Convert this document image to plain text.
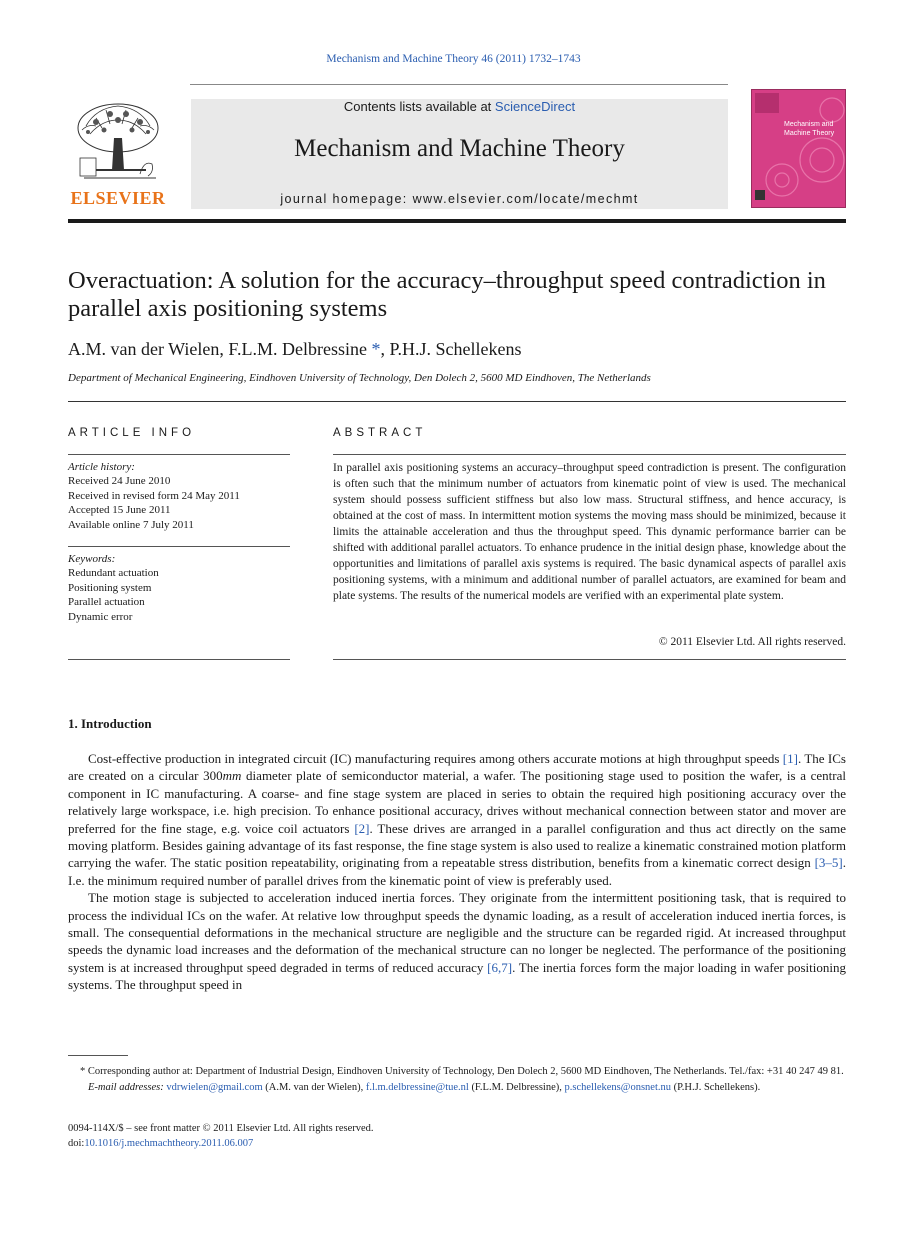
Mechanism and Machine Theory 46 (2011) 1732–1743
ELSEVIER
Contents lists available at ScienceDirect
Mechanism and Machine Theory
journal homepage: www.elsevier.com/locate/mechmt
Mechanism and Machine Theory
Overactuation: A solution for the accuracy–throughput speed contradiction in parallel axis positioning systems
A.M. van der Wielen, F.L.M. Delbressine *, P.H.J. Schellekens
Department of Mechanical Engineering, Eindhoven University of Technology, Den Dolech 2, 5600 MD Eindhoven, The Netherlands
ARTICLE INFO
Article history:
Received 24 June 2010
Received in revised form 24 May 2011
Accepted 15 June 2011
Available online 7 July 2011
Keywords:
Redundant actuation
Positioning system
Parallel actuation
Dynamic error
ABSTRACT
In parallel axis positioning systems an accuracy–throughput speed contradiction is present. The configuration is often such that the minimum number of actuators from kinematic point of view is used. The mechanical system should possess sufficient stiffness but also low mass. Structural stiffness, and hence accuracy, is obtained at the cost of mass. In intermittent motion systems the moving mass should be minimized, because it limits the attainable acceleration and thus the throughput speed. This dynamic performance barrier can be shifted with additional parallel actuators. To enhance prudence in the initial design phase, knowledge about the opportunities and limitations of parallel axis systems is required. The basic dynamical aspects of parallel axis positioning systems, with a minimum and additional number of parallel actuators, are examined for beam and plate systems. The results of the numerical models are verified with an experimental plate system.
© 2011 Elsevier Ltd. All rights reserved.
1. Introduction

Cost-effective production in integrated circuit (IC) manufacturing requires among others accurate motions at high throughput speeds [1]. The ICs are created on a circular 300mm diameter plate of semiconductor material, a wafer. The positioning stage used to position the wafer, is a central component in IC manufacturing. A coarse- and fine stage system are placed in series to obtain the required high positioning accuracy over the relatively large workspace, i.e. high precision. To enhance positional accuracy, drives without mechanical connection between stator and mover are preferred for the fine stage, e.g. voice coil actuators [2]. These drives are arranged in a parallel configuration and thus act directly on the same moving platform. Besides gaining advantage of its fast response, the fine stage system is also used to realize a kinematic constrained motion platform carrying the wafer. The static position repeatability, originating from a repeatable stress distribution, benefits from a kinematic correct design [3–5]. I.e. the minimum required number of parallel drives from the kinematic point of view is preferably used.

The motion stage is subjected to acceleration induced inertia forces. They originate from the intermittent positioning task, that is required to process the individual ICs on the wafer. At relative low throughput speeds the dynamic loading, as a result of acceleration induced inertia forces, is small. The consequential deformations in the mechanical structure are negligible and the structure can be regarded rigid. At increased throughput speeds the dynamic load increases and the deformation of the mechanical structure can no longer be neglected. The performance of the positioning system is at increased throughput speed degraded in terms of reduced accuracy [6,7]. The inertia forces form the major loading in wafer positioning systems. The throughput speed in

* Corresponding author at: Department of Industrial Design, Eindhoven University of Technology, Den Dolech 2, 5600 MD Eindhoven, The Netherlands. Tel./fax: +31 40 247 49 81.

E-mail addresses: vdrwielen@gmail.com (A.M. van der Wielen), f.l.m.delbressine@tue.nl (F.L.M. Delbressine), p.schellekens@onsnet.nu (P.H.J. Schellekens).

0094-114X/$ – see front matter © 2011 Elsevier Ltd. All rights reserved.
doi:10.1016/j.mechmachtheory.2011.06.007
